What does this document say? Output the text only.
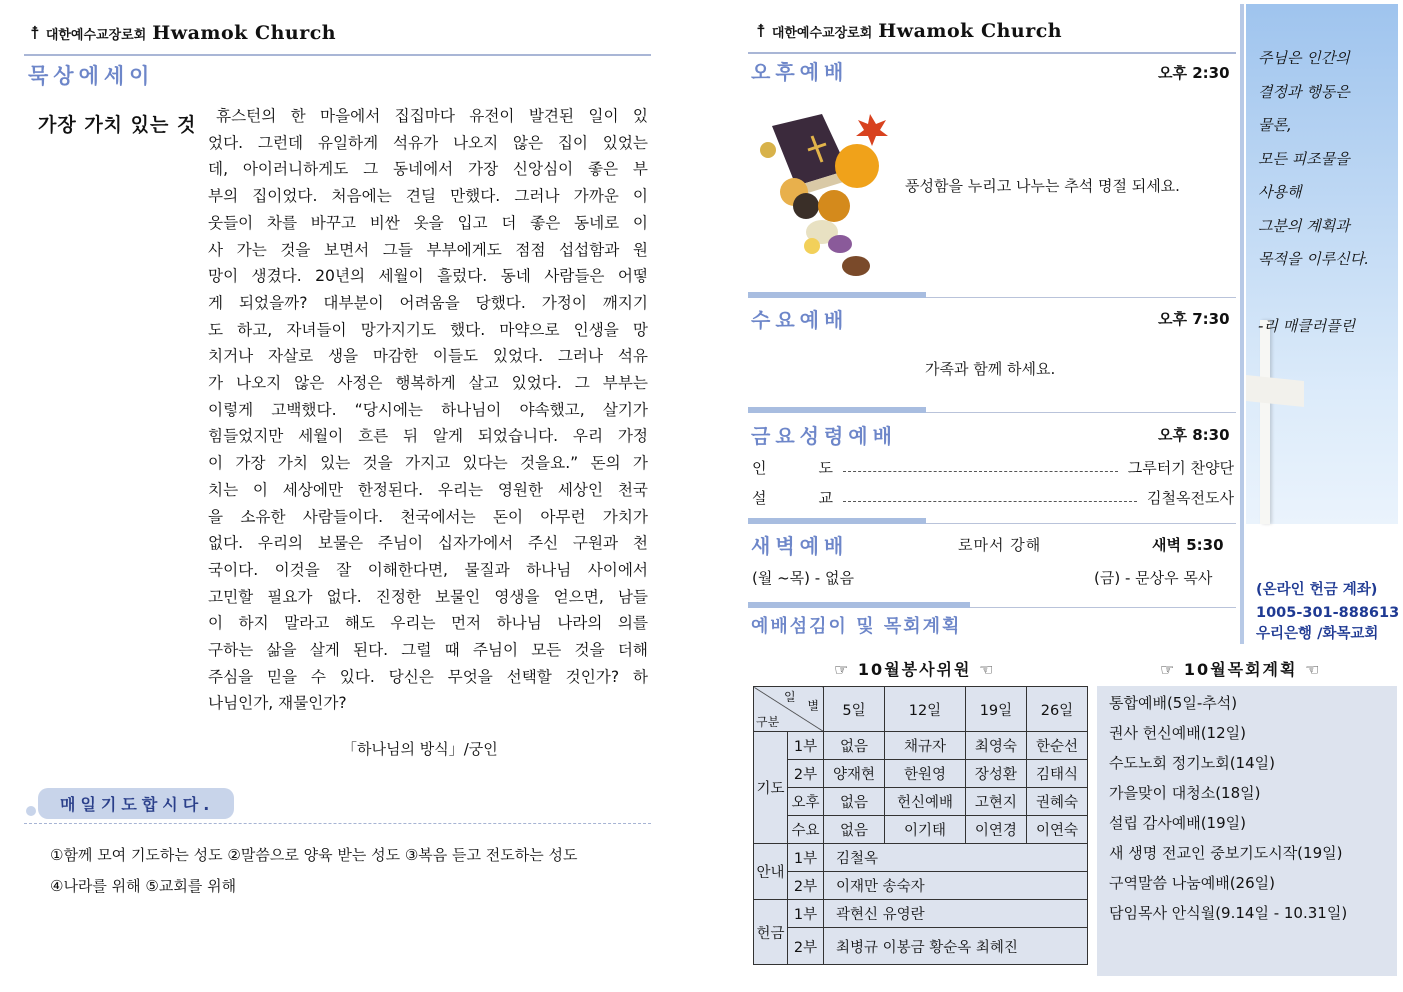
☨ 대한예수교장로회 Hwamok Church
묵상에세이
가장 가치 있는 것	휴스턴의 한 마을에서 집집마다 유전이 발견된 일이 있

었다. 그런데 유일하게 석유가 나오지 않은 집이 있었는

데, 아이러니하게도 그 동네에서 가장 신앙심이 좋은 부

부의 집이었다. 처음에는 견딜 만했다. 그러나 가까운 이

웃들이 차를 바꾸고 비싼 옷을 입고 더 좋은 동네로 이

사 가는 것을 보면서 그들 부부에게도 점점 섭섭함과 원

망이 생겼다. 20년의 세월이 흘렀다. 동네 사람들은 어떻

게 되었을까? 대부분이 어려움을 당했다. 가정이 깨지기

도 하고, 자녀들이 망가지기도 했다. 마약으로 인생을 망

치거나 자살로 생을 마감한 이들도 있었다. 그러나 석유

가 나오지 않은 사정은 행복하게 살고 있었다. 그 부부는

이렇게 고백했다. “당시에는 하나님이 야속했고, 살기가

힘들었지만 세월이 흐른 뒤 알게 되었습니다. 우리 가정

이 가장 가치 있는 것을 가지고 있다는 것을요.” 돈의 가

치는 이 세상에만 한정된다. 우리는 영원한 세상인 천국

을 소유한 사람들이다. 천국에서는 돈이 아무런 가치가

없다. 우리의 보물은 주님이 십자가에서 주신 구원과 천

국이다. 이것을 잘 이해한다면, 물질과 하나님 사이에서

고민할 필요가 없다. 진정한 보물인 영생을 얻으면, 남들

이 하지 말라고 해도 우리는 먼저 하나님 나라의 의를

구하는 삶을 살게 된다. 그럴 때 주님이 모든 것을 더해

주심을 믿을 수 있다. 당신은 무엇을 선택할 것인가? 하

나님인가, 재물인가?

「하나님의 방식」/궁인
매일기도합시다.
①함께 모여 기도하는 성도 ②말씀으로 양육 받는 성도 ③복음 듣고 전도하는 성도
④나라를 위해 ⑤교회를 위해
☨ 대한예수교장로회 Hwamok Church
오후예배	오후 2:30
풍성함을 누리고 나누는 추석 명절 되세요.
수요예배	오후 7:30
가족과 함께 하세요.
금요성령예배	오후 8:30
인	도	그루터기 찬양단
설	교	김철옥전도사
새벽예배	로마서 강해	새벽 5:30
(월 ~목) - 없음	(금) - 문상우 목사
예배섬김이 및 목회계획
☞ 10월봉사위원 ☜	☞ 10월목회계획 ☜
일
별
구분		5일	12일	19일	26일
기도	1부	없음	채규자	최영숙	한순선
	2부	양재현	한원영	장성환	김태식
	오후	없음	헌신예배	고현지	권혜숙
	수요	없음	이기태	이연경	이연숙
안내	1부	김철옥			
	2부	이재만 송숙자			
헌금	1부	곽현신 유영란			
	2부	최병규 이봉금 황순옥 최혜진			
통합예배(5일-추석)
권사 헌신예배(12일)
수도노회 정기노회(14일)
가을맞이 대청소(18일)
설립 감사예배(19일)
새 생명 전교인 중보기도시작(19일)
구역말씀 나눔예배(26일)
담임목사 안식월(9.14일 - 10.31일)
주님은 인간의
결정과 행동은
물론,
모든 피조물을
사용해
그분의 계획과
목적을 이루신다.
-리 매클러플린
(온라인 헌금 계좌)
1005-301-888613
우리은행 /화목교회
